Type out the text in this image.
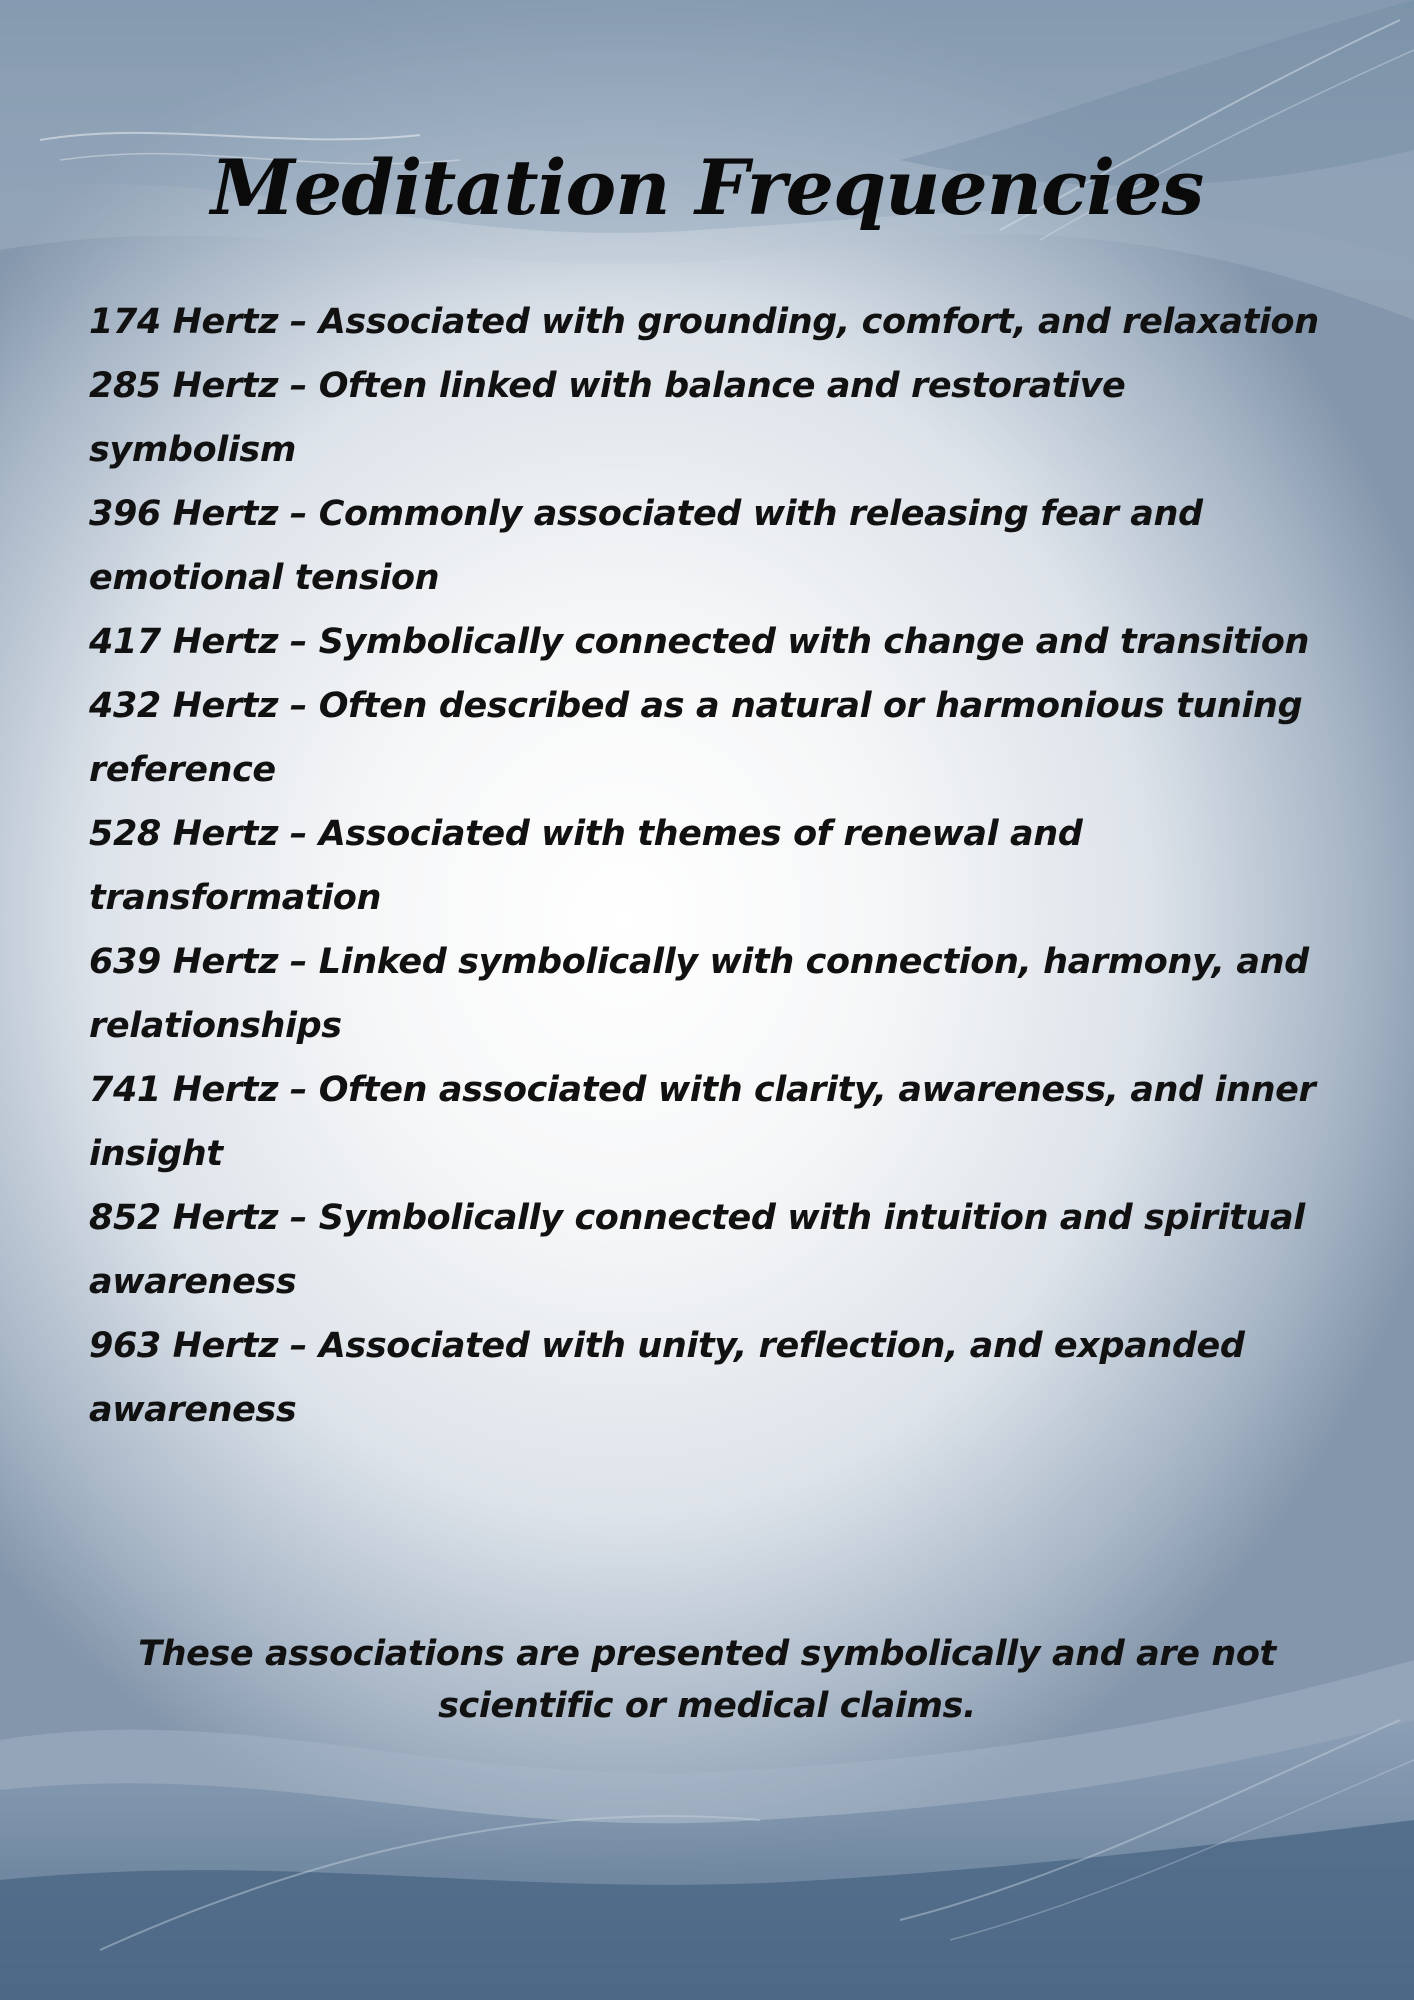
Meditation Frequencies
174 Hertz – Associated with grounding, comfort, and relaxation
285 Hertz – Often linked with balance and restorative symbolism
396 Hertz – Commonly associated with releasing fear and emotional tension
417 Hertz – Symbolically connected with change and transition
432 Hertz – Often described as a natural or harmonious tuning reference
528 Hertz – Associated with themes of renewal and transformation
639 Hertz – Linked symbolically with connection, harmony, and relationships
741 Hertz – Often associated with clarity, awareness, and inner insight
852 Hertz – Symbolically connected with intuition and spiritual awareness
963 Hertz – Associated with unity, reflection, and expanded awareness

These associations are presented symbolically and are not scientific or medical claims.
